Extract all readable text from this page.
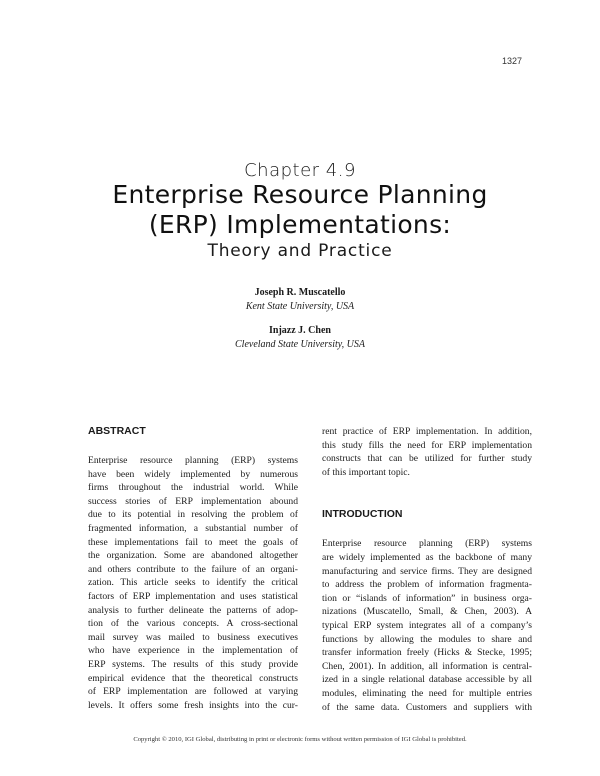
1327
Chapter 4.9
Enterprise Resource Planning
(ERP) Implementations:
Theory and Practice
Joseph R. Muscatello
Kent State University, USA
Injazz J. Chen
Cleveland State University, USA
ABSTRACT
Enterprise resource planning (ERP) systems
have been widely implemented by numerous
firms throughout the industrial world. While
success stories of ERP implementation abound
due to its potential in resolving the problem of
fragmented information, a substantial number of
these implementations fail to meet the goals of
the organization. Some are abandoned altogether
and others contribute to the failure of an organi-
zation. This article seeks to identify the critical
factors of ERP implementation and uses statistical
analysis to further delineate the patterns of adop-
tion of the various concepts. A cross-sectional
mail survey was mailed to business executives
who have experience in the implementation of
ERP systems. The results of this study provide
empirical evidence that the theoretical constructs
of ERP implementation are followed at varying
levels. It offers some fresh insights into the cur-
rent practice of ERP implementation. In addition,
this study fills the need for ERP implementation
constructs that can be utilized for further study
of this important topic.
INTRODUCTION
Enterprise resource planning (ERP) systems
are widely implemented as the backbone of many
manufacturing and service firms. They are designed
to address the problem of information fragmenta-
tion or “islands of information” in business orga-
nizations (Muscatello, Small, & Chen, 2003). A
typical ERP system integrates all of a company’s
functions by allowing the modules to share and
transfer information freely (Hicks & Stecke, 1995;
Chen, 2001). In addition, all information is central-
ized in a single relational database accessible by all
modules, eliminating the need for multiple entries
of the same data. Customers and suppliers with
Copyright © 2010, IGI Global, distributing in print or electronic forms without written permission of IGI Global is prohibited.
